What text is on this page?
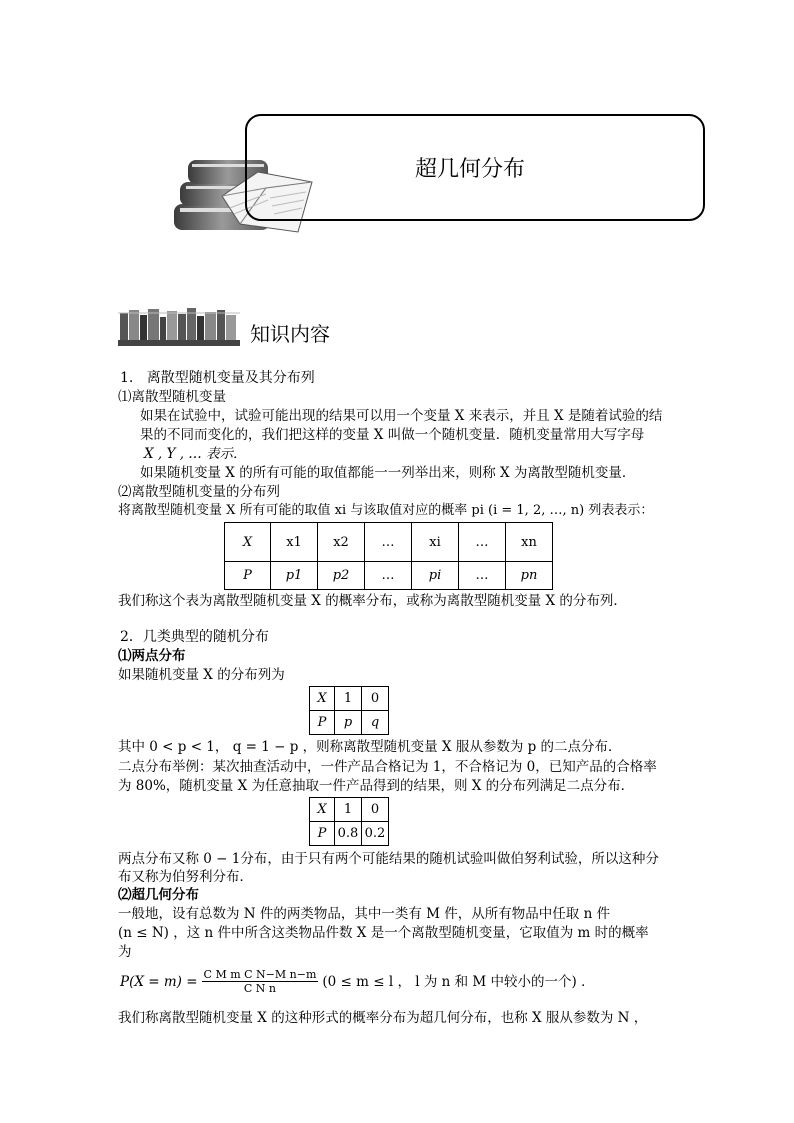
超几何分布
知识内容
1.   离散型随机变量及其分布列
⑴离散型随机变量
如果在试验中，试验可能出现的结果可以用一个变量 X 来表示，并且 X 是随着试验的结
果的不同而变化的，我们把这样的变量 X 叫做一个随机变量．随机变量常用大写字母
X , Y , … 表示．
如果随机变量 X 的所有可能的取值都能一一列举出来，则称 X 为离散型随机变量．
⑵离散型随机变量的分布列
将离散型随机变量 X 所有可能的取值 xi 与该取值对应的概率 pi (i = 1, 2, …, n) 列表表示：
X	x1	x2	…	xi	…	xn
P	p1	p2	…	pi	…	pn
我们称这个表为离散型随机变量 X 的概率分布，或称为离散型随机变量 X 的分布列．
2．几类典型的随机分布
⑴两点分布
如果随机变量 X 的分布列为
X	1	0
P	p	q
其中 0 < p < 1， q = 1 − p ，则称离散型随机变量 X 服从参数为 p 的二点分布．
二点分布举例：某次抽查活动中，一件产品合格记为 1，不合格记为 0，已知产品的合格率
为 80%，随机变量 X 为任意抽取一件产品得到的结果，则 X 的分布列满足二点分布．
X	1	0
P	0.8	0.2
两点分布又称 0 − 1分布，由于只有两个可能结果的随机试验叫做伯努利试验，所以这种分
布又称为伯努利分布．
⑵超几何分布
一般地，设有总数为 N 件的两类物品，其中一类有 M 件，从所有物品中任取 n 件
(n ≤ N) ，这 n 件中所含这类物品件数 X 是一个离散型随机变量，它取值为 m 时的概率
为
$P(X = m) = \frac{\text{C M m C N−M n−m}}{\text{C N n}} (0 \le m \le l$ ， l 为 n 和 M 中较小的一个) ．
我们称离散型随机变量 X 的这种形式的概率分布为超几何分布，也称 X 服从参数为 N ，
